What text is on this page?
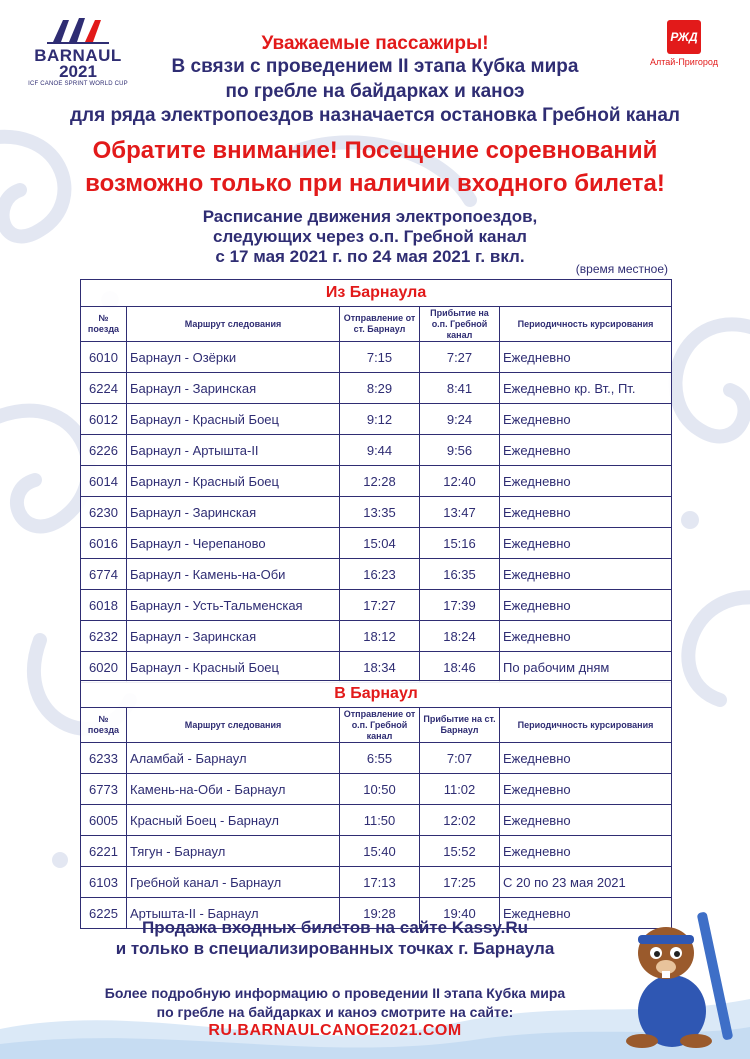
BARNAUL
2021
ICF CANOE SPRINT WORLD CUP
РЖД
Алтай-Пригород
Уважаемые пассажиры!
В связи с проведением II этапа Кубка мира
по гребле на байдарках и каноэ
для ряда электропоездов назначается остановка Гребной канал
Обратите внимание! Посещение соревнований
возможно только при наличии входного билета!
Расписание движения электропоездов,
следующих через о.п. Гребной канал
с 17 мая 2021 г. по 24 мая 2021 г. вкл.
(время местное)
Из Барнаула				
№ поезда	Маршрут следования	Отправление от ст. Барнаул	Прибытие на о.п. Гребной канал	Периодичность курсирования
6010	Барнаул - Озёрки	7:15	7:27	Ежедневно
6224	Барнаул - Заринская	8:29	8:41	Ежедневно кр. Вт., Пт.
6012	Барнаул - Красный Боец	9:12	9:24	Ежедневно
6226	Барнаул - Артышта-II	9:44	9:56	Ежедневно
6014	Барнаул - Красный Боец	12:28	12:40	Ежедневно
6230	Барнаул - Заринская	13:35	13:47	Ежедневно
6016	Барнаул - Черепаново	15:04	15:16	Ежедневно
6774	Барнаул - Камень-на-Оби	16:23	16:35	Ежедневно
6018	Барнаул - Усть-Тальменская	17:27	17:39	Ежедневно
6232	Барнаул - Заринская	18:12	18:24	Ежедневно
6020	Барнаул - Красный Боец	18:34	18:46	По рабочим дням
В Барнаул				
№ поезда	Маршрут следования	Отправление от о.п. Гребной канал	Прибытие на ст. Барнаул	Периодичность курсирования
6233	Аламбай - Барнаул	6:55	7:07	Ежедневно
6773	Камень-на-Оби - Барнаул	10:50	11:02	Ежедневно
6005	Красный Боец - Барнаул	11:50	12:02	Ежедневно
6221	Тягун - Барнаул	15:40	15:52	Ежедневно
6103	Гребной канал - Барнаул	17:13	17:25	С 20 по 23 мая 2021
6225	Артышта-II - Барнаул	19:28	19:40	Ежедневно
Продажа входных билетов на сайте Kassy.Ru
и только в специализированных точках г. Барнаула
Более подробную информацию о проведении II этапа Кубка мира
по гребле на байдарках и каноэ смотрите на сайте:
RU.BARNAULCANOE2021.COM
